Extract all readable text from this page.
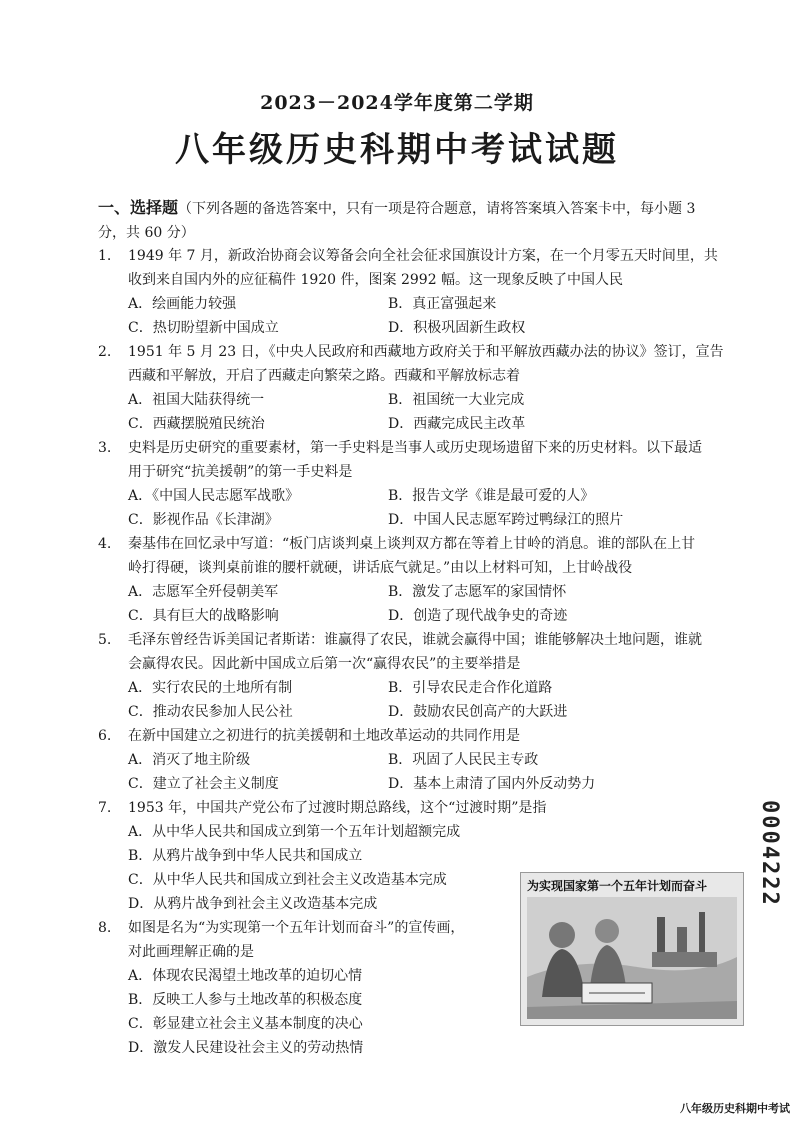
2023－2024学年度第二学期
八年级历史科期中考试试题
一、选择题（下列各题的备选答案中，只有一项是符合题意，请将答案填入答案卡中，每小题 3
分，共 60 分）
1. 1949 年 7 月，新政治协商会议筹备会向全社会征求国旗设计方案，在一个月零五天时间里，共
收到来自国内外的应征稿件 1920 件，图案 2992 幅。这一现象反映了中国人民
A．绘画能力较强	B．真正富强起来
C．热切盼望新中国成立	D．积极巩固新生政权
2. 1951 年 5 月 23 日，《中央人民政府和西藏地方政府关于和平解放西藏办法的协议》签订，宣告
西藏和平解放，开启了西藏走向繁荣之路。西藏和平解放标志着
A．祖国大陆获得统一	B．祖国统一大业完成
C．西藏摆脱殖民统治	D．西藏完成民主改革
3. 史料是历史研究的重要素材，第一手史料是当事人或历史现场遗留下来的历史材料。以下最适
用于研究“抗美援朝”的第一手史料是
A．《中国人民志愿军战歌》	B．报告文学《谁是最可爱的人》
C．影视作品《长津湖》	D．中国人民志愿军跨过鸭绿江的照片
4. 秦基伟在回忆录中写道：“板门店谈判桌上谈判双方都在等着上甘岭的消息。谁的部队在上甘
岭打得硬，谈判桌前谁的腰杆就硬，讲话底气就足。”由以上材料可知，上甘岭战役
A．志愿军全歼侵朝美军	B．激发了志愿军的家国情怀
C．具有巨大的战略影响	D．创造了现代战争史的奇迹
5. 毛泽东曾经告诉美国记者斯诺：谁赢得了农民，谁就会赢得中国；谁能够解决土地问题，谁就
会赢得农民。因此新中国成立后第一次“赢得农民”的主要举措是
A．实行农民的土地所有制	B．引导农民走合作化道路
C．推动农民参加人民公社	D．鼓励农民创高产的大跃进
6. 在新中国建立之初进行的抗美援朝和土地改革运动的共同作用是
A．消灭了地主阶级	B．巩固了人民民主专政
C．建立了社会主义制度	D．基本上肃清了国内外反动势力
7. 1953 年，中国共产党公布了过渡时期总路线，这个“过渡时期”是指
A．从中华人民共和国成立到第一个五年计划超额完成
B．从鸦片战争到中华人民共和国成立
C．从中华人民共和国成立到社会主义改造基本完成
D．从鸦片战争到社会主义改造基本完成
8. 如图是名为“为实现第一个五年计划而奋斗”的宣传画，
对此画理解正确的是
A．体现农民渴望土地改革的迫切心情
B．反映工人参与土地改革的积极态度
C．彰显建立社会主义基本制度的决心
D．激发人民建设社会主义的劳动热情
为实现国家第一个五年计划而奋斗	0004222
八年级历史科期中考试
